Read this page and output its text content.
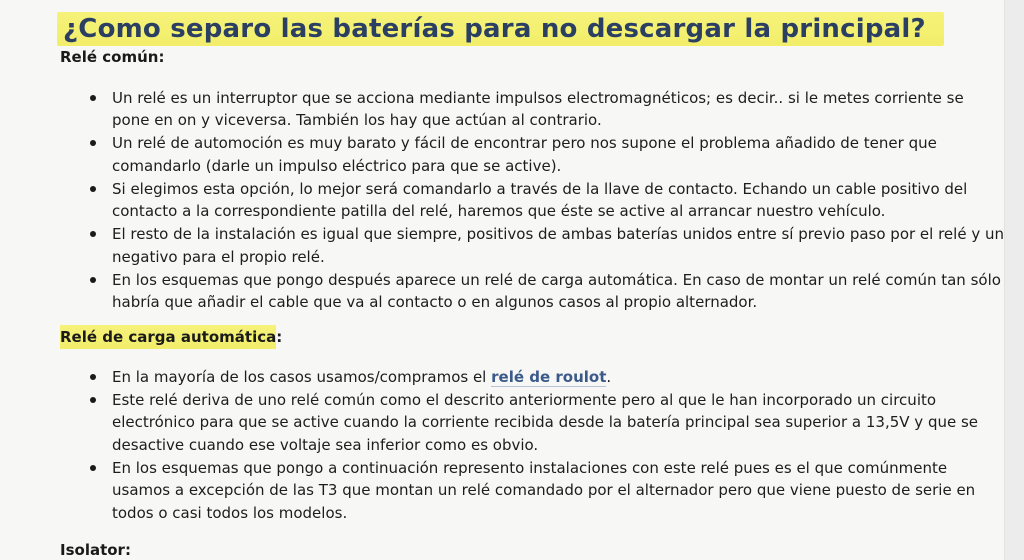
¿Como separo las baterías para no descargar la principal?
Relé común:
Un relé es un interruptor que se acciona mediante impulsos electromagnéticos; es decir.. si le metes corriente se pone en on y viceversa. También los hay que actúan al contrario.
Un relé de automoción es muy barato y fácil de encontrar pero nos supone el problema añadido de tener que comandarlo (darle un impulso eléctrico para que se active).
Si elegimos esta opción, lo mejor será comandarlo a través de la llave de contacto. Echando un cable positivo del contacto a la correspondiente patilla del relé, haremos que éste se active al arrancar nuestro vehículo.
El resto de la instalación es igual que siempre, positivos de ambas baterías unidos entre sí previo paso por el relé y un negativo para el propio relé.
En los esquemas que pongo después aparece un relé de carga automática. En caso de montar un relé común tan sólo habría que añadir el cable que va al contacto o en algunos casos al propio alternador.
Relé de carga automática:
En la mayoría de los casos usamos/compramos el relé de roulot.
Este relé deriva de uno relé común como el descrito anteriormente pero al que le han incorporado un circuito electrónico para que se active cuando la corriente recibida desde la batería principal sea superior a 13,5V y que se desactive cuando ese voltaje sea inferior como es obvio.
En los esquemas que pongo a continuación represento instalaciones con este relé pues es el que comúnmente usamos a excepción de las T3 que montan un relé comandado por el alternador pero que viene puesto de serie en todos o casi todos los modelos.
Isolator:
